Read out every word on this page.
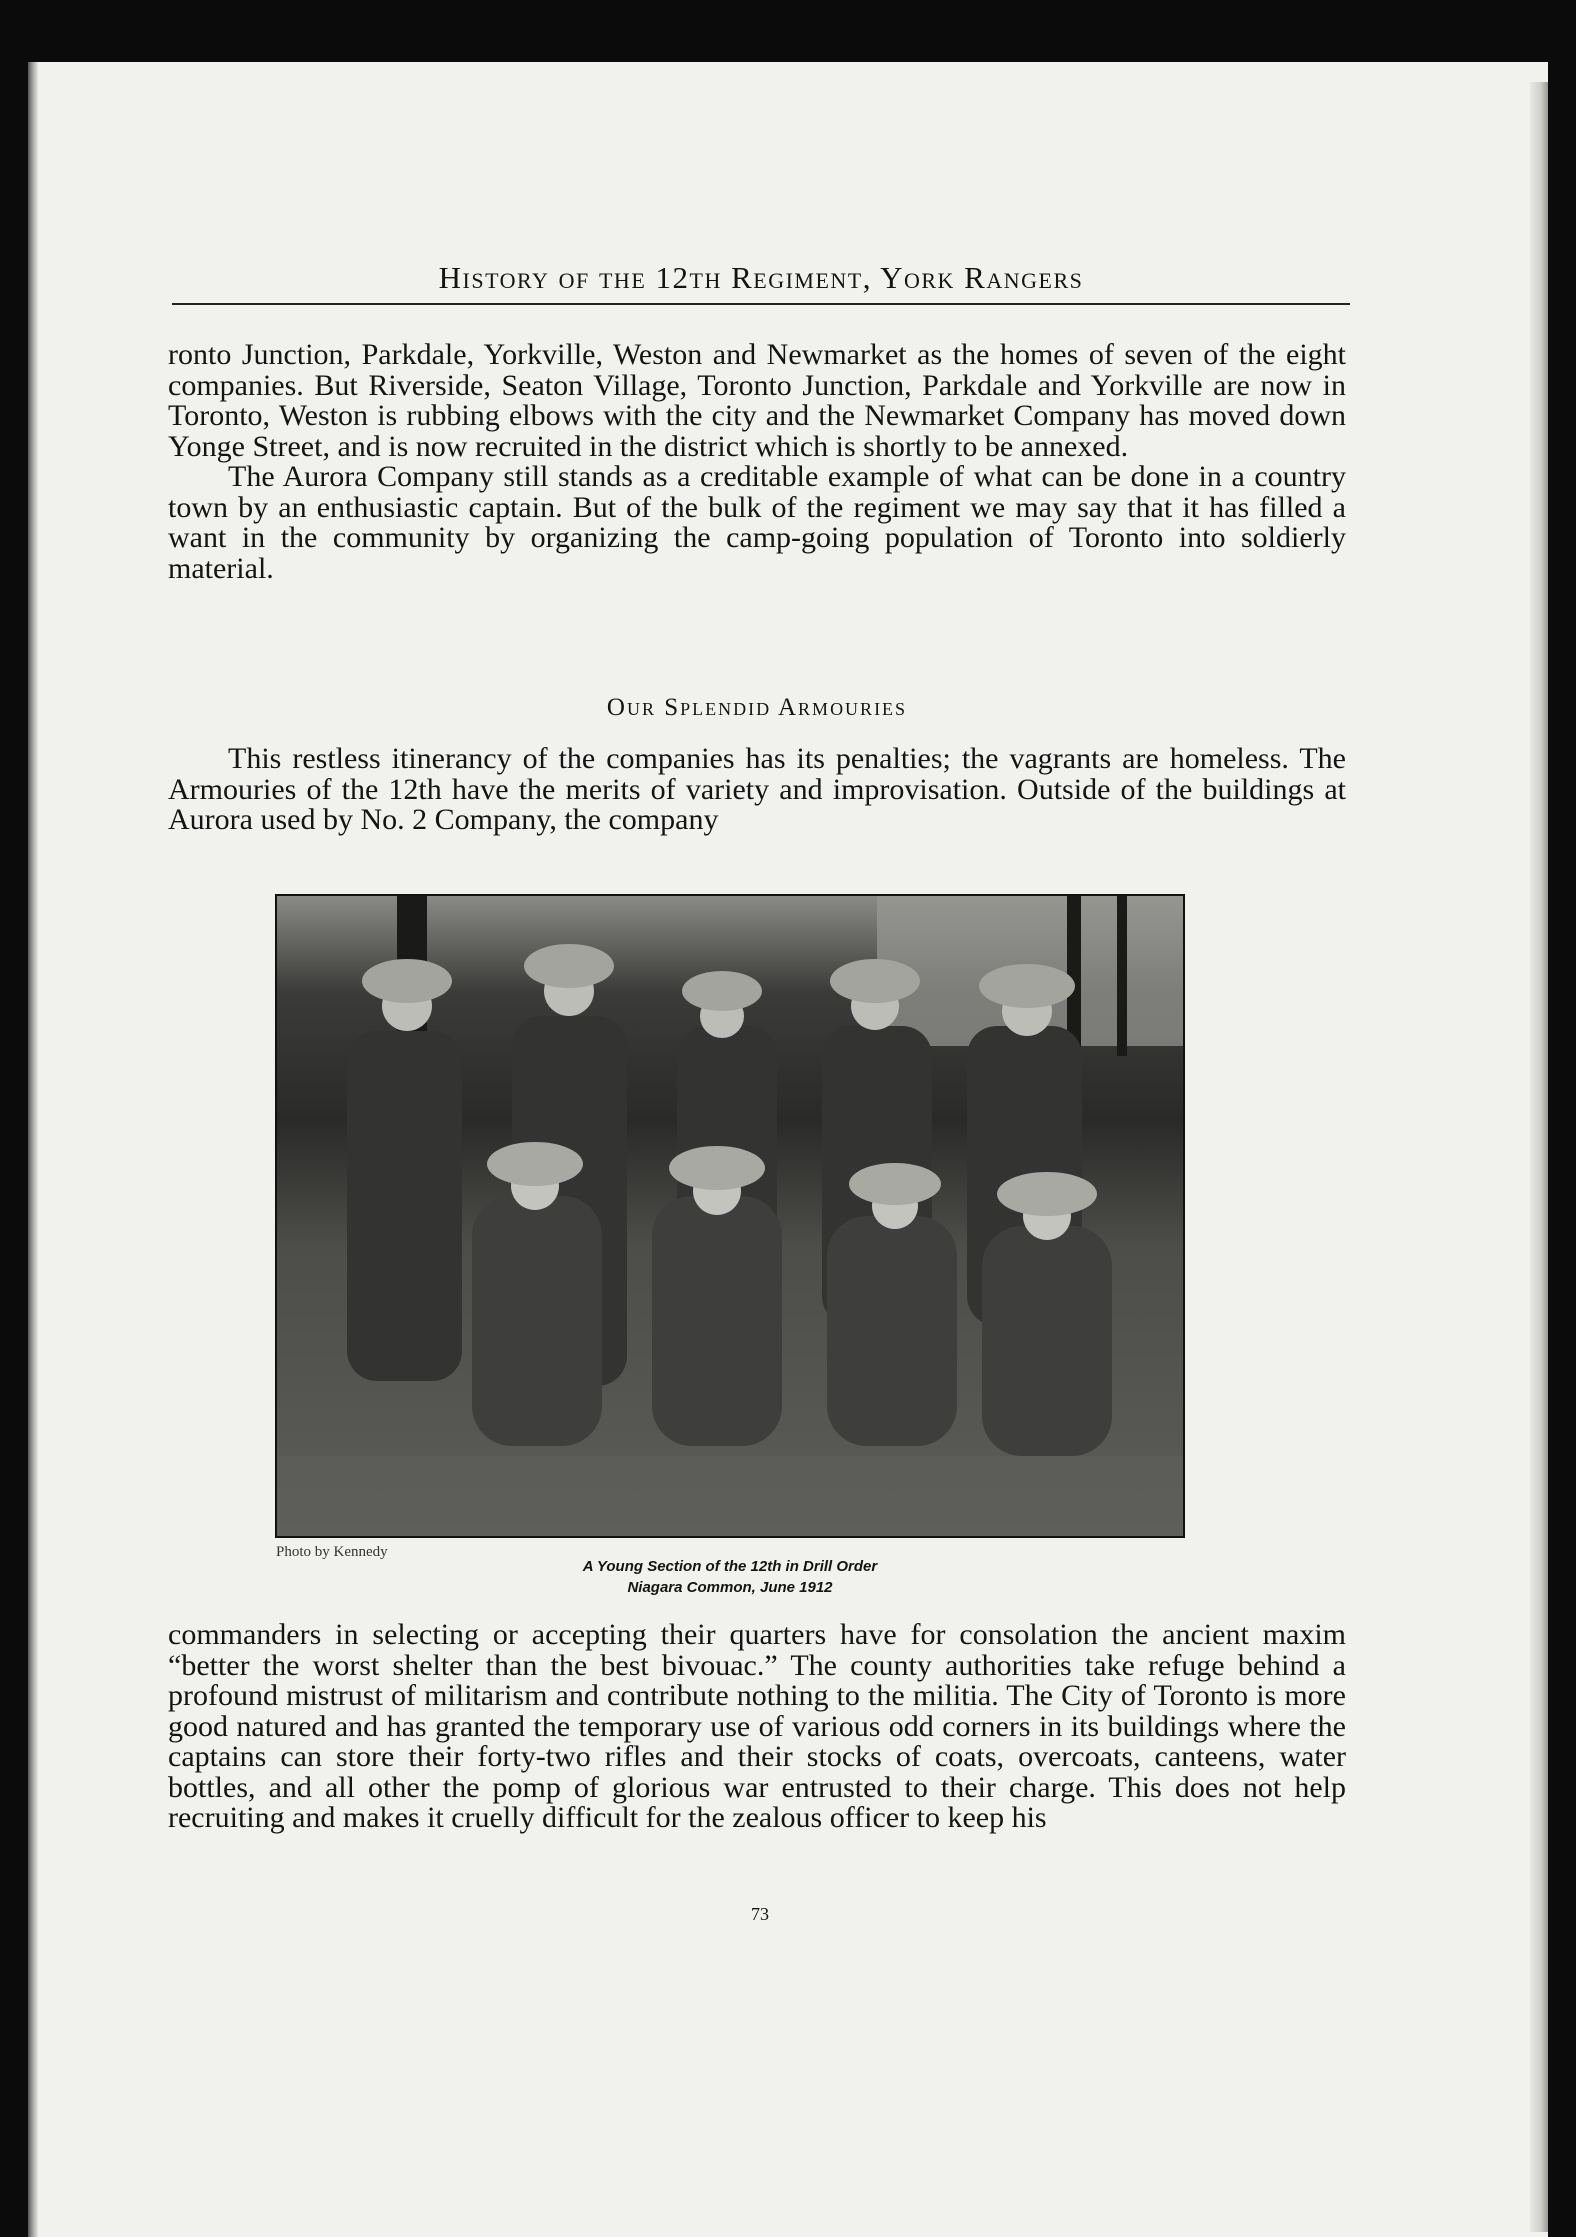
History of the 12th Regiment, York Rangers

ronto Junction, Parkdale, Yorkville, Weston and Newmarket as the homes of seven of the eight companies. But Riverside, Seaton Village, Toronto Junction, Parkdale and Yorkville are now in Toronto, Weston is rubbing elbows with the city and the Newmarket Company has moved down Yonge Street, and is now recruited in the district which is shortly to be annexed.

The Aurora Company still stands as a creditable example of what can be done in a country town by an enthusiastic captain. But of the bulk of the regiment we may say that it has filled a want in the community by organizing the camp-going population of Toronto into soldierly material.

Our Splendid Armouries

This restless itinerancy of the companies has its penalties; the vagrants are homeless. The Armouries of the 12th have the merits of variety and improvisation. Outside of the buildings at Aurora used by No. 2 Company, the company

Photo by Kennedy
A Young Section of the 12th in Drill Order
Niagara Common, June 1912

commanders in selecting or accepting their quarters have for consolation the ancient maxim “better the worst shelter than the best bivouac.” The county authorities take refuge behind a profound mistrust of militarism and contribute nothing to the militia. The City of Toronto is more good natured and has granted the temporary use of various odd corners in its buildings where the captains can store their forty-two rifles and their stocks of coats, overcoats, canteens, water bottles, and all other the pomp of glorious war entrusted to their charge. This does not help recruiting and makes it cruelly difficult for the zealous officer to keep his

73
